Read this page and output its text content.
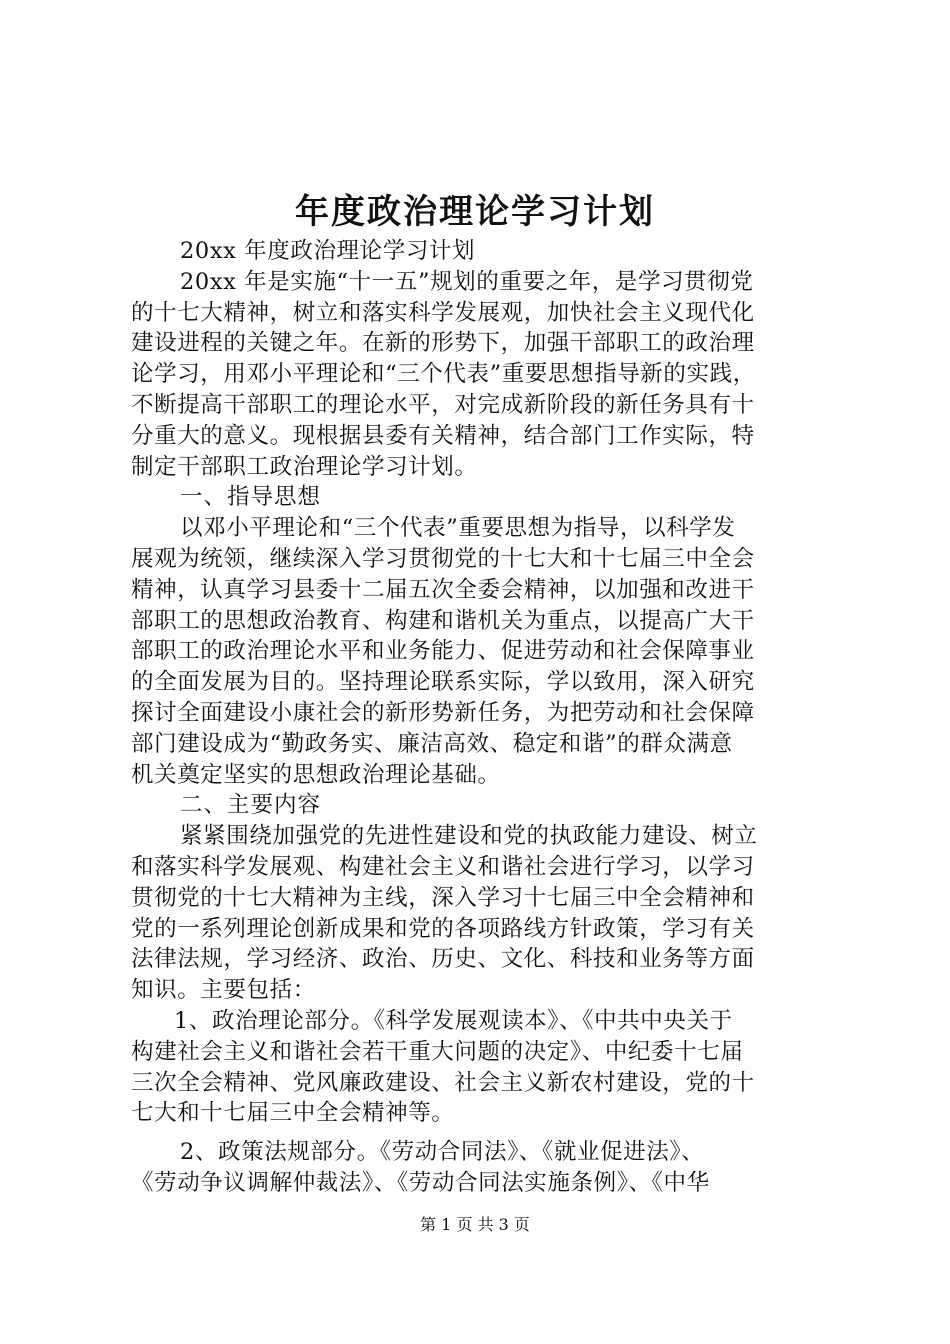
年度政治理论学习计划
20xx 年度政治理论学习计划
20xx 年是实施“十一五”规划的重要之年，是学习贯彻党
的十七大精神，树立和落实科学发展观，加快社会主义现代化
建设进程的关键之年。在新的形势下，加强干部职工的政治理
论学习，用邓小平理论和“三个代表”重要思想指导新的实践，
不断提高干部职工的理论水平，对完成新阶段的新任务具有十
分重大的意义。现根据县委有关精神，结合部门工作实际，特
制定干部职工政治理论学习计划。
一、指导思想
以邓小平理论和“三个代表”重要思想为指导，以科学发
展观为统领，继续深入学习贯彻党的十七大和十七届三中全会
精神，认真学习县委十二届五次全委会精神，以加强和改进干
部职工的思想政治教育、构建和谐机关为重点，以提高广大干
部职工的政治理论水平和业务能力、促进劳动和社会保障事业
的全面发展为目的。坚持理论联系实际，学以致用，深入研究
探讨全面建设小康社会的新形势新任务，为把劳动和社会保障
部门建设成为“勤政务实、廉洁高效、稳定和谐”的群众满意
机关奠定坚实的思想政治理论基础。
二、主要内容
紧紧围绕加强党的先进性建设和党的执政能力建设、树立
和落实科学发展观、构建社会主义和谐社会进行学习，以学习
贯彻党的十七大精神为主线，深入学习十七届三中全会精神和
党的一系列理论创新成果和党的各项路线方针政策，学习有关
法律法规，学习经济、政治、历史、文化、科技和业务等方面
知识。主要包括：
1、政治理论部分。《科学发展观读本》、《中共中央关于
构建社会主义和谐社会若干重大问题的决定》、中纪委十七届
三次全会精神、党风廉政建设、社会主义新农村建设，党的十
七大和十七届三中全会精神等。
2、政策法规部分。《劳动合同法》、《就业促进法》、
《劳动争议调解仲裁法》、《劳动合同法实施条例》、《中华
第 1 页 共 3 页
